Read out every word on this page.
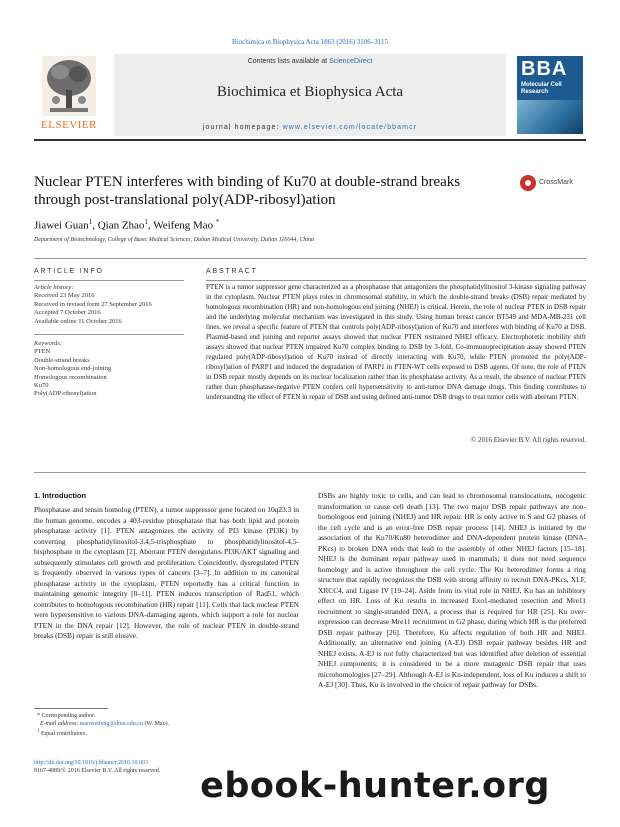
Biochimica et Biophysica Acta 1863 (2016) 3106–3115
ELSEVIER
Contents lists available at ScienceDirect
Biochimica et Biophysica Acta
journal homepage: www.elsevier.com/locate/bbamcr
BBA
Molecular Cell Research
Nuclear PTEN interferes with binding of Ku70 at double-strand breaks through post-translational poly(ADP-ribosyl)ation
CrossMark
Jiawei Guan$^1$, Qian Zhao$^1$, Weifeng Mao *
Department of Biotechnology, College of Basic Medical Sciences, Dalian Medical University, Dalian 116044, China
ARTICLE INFO	ABSTRACT
Article history:
Received 23 May 2016
Received in revised form 27 September 2016
Accepted 7 October 2016
Available online 11 October 2016
Keywords:
PTEN
Double-strand breaks
Non-homologous end-joining
Homologous recombination
Ku70
Poly(ADP-ribosyl)ation
PTEN is a tumor suppressor gene characterized as a phosphatase that antagonizes the phosphatidylinositol 3-kinase signaling pathway in the cytoplasm. Nuclear PTEN plays roles in chromosomal stability, in which the double-strand breaks (DSB) repair mediated by homologous recombination (HR) and non-homologous end joining (NHEJ) is critical. Herein, the role of nuclear PTEN in DSB repair and the underlying molecular mechanism was investigated in this study. Using human breast cancer BT549 and MDA-MB-231 cell lines, we reveal a specific feature of PTEN that controls poly(ADP-ribosyl)ation of Ku70 and interferes with binding of Ku70 at DSB. Plasmid-based end joining and reporter assays showed that nuclear PTEN restrained NHEJ efficacy. Electrophoretic mobility shift assays showed that nuclear PTEN impaired Ku70 complex binding to DSB by 3-fold. Co-immunoprecipitation assay showed PTEN regulated poly(ADP-ribosyl)ation of Ku70 instead of directly interacting with Ku70, while PTEN promoted the poly(ADP-ribosyl)ation of PARP1 and induced the degradation of PARP1 in PTEN-WT cells exposed to DSB agents. Of note, the role of PTEN in DSB repair mostly depends on its nuclear localization rather than its phosphatase activity. As a result, the absence of nuclear PTEN rather than phosphatase-negative PTEN confers cell hypersensitivity to anti-tumor DNA damage drugs. This finding contributes to understanding the effect of PTEN in repair of DSB and using defined anti-tumor DSB drugs to treat tumor cells with aberrant PTEN.
© 2016 Elsevier B.V. All rights reserved.
1. Introduction
Phosphatase and tensin homolog (PTEN), a tumor suppressor gene located on 10q23.3 in the human genome, encodes a 403-residue phosphatase that has both lipid and protein phosphatase activity [1]. PTEN antagonizes the activity of PI3 kinase (PI3K) by converting phosphatidylinositol-3,4,5-trisphosphate to phosphatidylinositol-4,5-bisphosphate in the cytoplasm [2]. Aberrant PTEN deregulates PI3K/AKT signaling and subsequently stimulates cell growth and proliferation. Coincidently, dysregulated PTEN is frequently observed in various types of cancers [3–7]. In addition to its canonical phosphatase activity in the cytoplasm, PTEN reportedly has a critical function in maintaining genomic integrity [8–11]. PTEN induces transcription of Rad51, which contributes to homologous recombination (HR) repair [11]. Cells that lack nuclear PTEN were hypersensitive to various DNA-damaging agents, which support a role for nuclear PTEN in the DNA repair [12]. However, the role of nuclear PTEN in double-strand breaks (DSB) repair is still elusive.
DSBs are highly toxic to cells, and can lead to chromosomal translocations, oncogenic transformation or cause cell death [13]. The two major DSB repair pathways are non-homologous end joining (NHEJ) and HR repair. HR is only active in S and G2 phases of the cell cycle and is an error-free DSB repair process [14]. NHEJ is initiated by the association of the Ku70/Ku80 heterodimer and DNA-dependent protein kinase (DNA-PKcs) to broken DNA ends that lead to the assembly of other NHEJ factors [15–18]. NHEJ is the dominant repair pathway used in mammals; it does not need sequence homology and is active throughout the cell cycle. The Ku heterodimer forms a ring structure that rapidly recognizes the DSB with strong affinity to recruit DNA-PKcs, XLF, XRCC4, and Ligase IV [19–24]. Aside from its vital role in NHEJ, Ku has an inhibitory effect on HR. Loss of Ku results in increased Exo1-mediated resection and Mre11 recruitment to single-stranded DNA, a process that is required for HR [25]. Ku over-expression can decrease Mre11 recruitment in G2 phase, during which HR is the preferred DSB repair pathway [26]. Therefore, Ku affects regulation of both HR and NHEJ. Additionally, an alternative end joining (A-EJ) DSB repair pathway besides HR and NHEJ exists. A-EJ is not fully characterized but was identified after deletion of essential NHEJ components; it is considered to be a more mutagenic DSB repair that uses microhomologies [27–29]. Although A-EJ is Ku-independent, loss of Ku induces a shift to A-EJ [30]. Thus, Ku is involved in the choice of repair pathway for DSBs.
* Corresponding author.
E-mail address: maoweifeng@dmu.edu.cn (W. Mao).
$^1$ Equal contributors.
http://dx.doi.org/10.1016/j.bbamcr.2016.10.003
0167-4889/© 2016 Elsevier B.V. All rights reserved.	ebook-hunter.org
